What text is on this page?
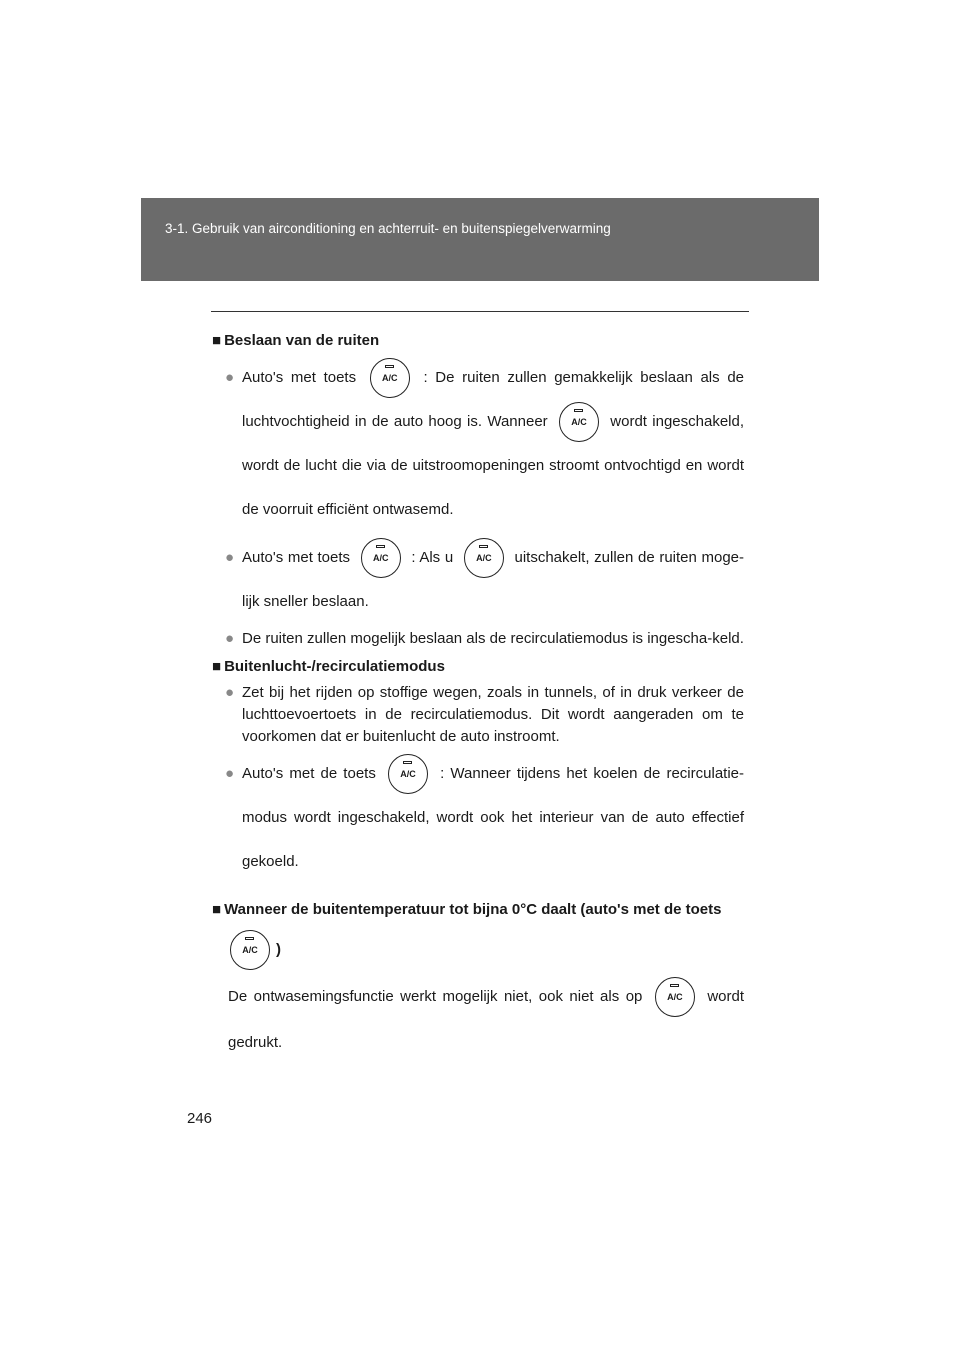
3-1. Gebruik van airconditioning en achterruit- en buitenspiegelverwarming
■ Beslaan van de ruiten
● Auto's met toets	A/C	: De ruiten zullen gemakkelijk beslaan als de luchtvochtigheid in de auto hoog is. Wanneer	A/C	wordt ingeschakeld, wordt de lucht die via de uitstroomopeningen stroomt ontvochtigd en wordt de voorruit efficiënt ontwasemd.
● Auto's met toets	A/C	: Als u	A/C	uitschakelt, zullen de ruiten moge-lijk sneller beslaan.
● De ruiten zullen mogelijk beslaan als de recirculatiemodus is ingescha-keld.
■ Buitenlucht-/recirculatiemodus
● Zet bij het rijden op stoffige wegen, zoals in tunnels, of in druk verkeer de luchttoevoertoets in de recirculatiemodus. Dit wordt aangeraden om te voorkomen dat er buitenlucht de auto instroomt.
● Auto's met de toets	A/C	: Wanneer tijdens het koelen de recirculatie-modus wordt ingeschakeld, wordt ook het interieur van de auto effectief gekoeld.
■ Wanneer de buitentemperatuur tot bijna 0°C daalt (auto's met de toets

A/C	)
De ontwasemingsfunctie werkt mogelijk niet, ook niet als op	A/C	wordt gedrukt.
246
